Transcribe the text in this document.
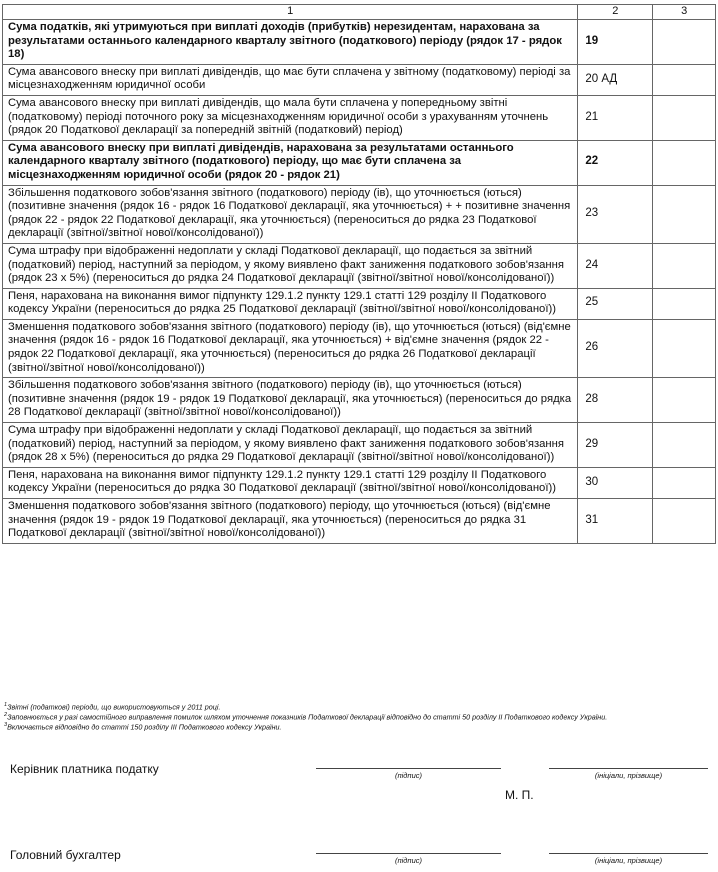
1	2	3
Сума податків, які утримуються при виплаті доходів (прибутків) нерезидентам, нарахована за результатами останнього календарного кварталу звітного (податкового) періоду (рядок 17 - рядок 18)	19	
Сума авансового внеску при виплаті дивідендів, що має бути сплачена у звітному (податковому) періоді за місцезнаходженням юридичної особи	20 АД	
Сума авансового внеску при виплаті дивідендів, що мала бути сплачена у попередньому звітні (податковому) періоді поточного року за місцезнаходженням юридичної особи з урахуванням уточнень (рядок 20 Податкової декларації за попередній звітній (податковий) період)	21	
Сума авансового внеску при виплаті дивідендів, нарахована за результатами останнього календарного кварталу звітного (податкового) періоду, що має бути сплачена за місцезнаходженням юридичної особи (рядок 20 - рядок 21)	22	
Збільшення податкового зобов'язання звітного (податкового) періоду (ів), що уточнюється (ються) (позитивне значення (рядок 16 - рядок 16 Податкової декларації, яка уточнюється) + + позитивне значення (рядок 22 - рядок 22 Податкової декларації, яка уточнюється) (переноситься до рядка 23 Податкової декларації (звітної/звітної нової/консолідованої))	23	
Сума штрафу при відображенні недоплати у складі Податкової декларації, що подається за звітний (податковий) період, наступний за періодом, у якому виявлено факт заниження податкового зобов'язання (рядок 23 х 5%) (переноситься до рядка 24 Податкової декларації (звітної/звітної нової/консолідованої))	24	
Пеня, нарахована на виконання вимог підпункту 129.1.2 пункту 129.1 статті 129 розділу ІІ Податкового кодексу України (переноситься до рядка 25 Податкової декларації (звітної/звітної нової/консолідованої))	25	
Зменшення податкового зобов'язання звітного (податкового) періоду (ів), що уточнюється (ються) (від'ємне значення (рядок 16 - рядок 16 Податкової декларації, яка уточнюється) + від'ємне значення (рядок 22 - рядок 22 Податкової декларації, яка уточнюється) (переноситься до рядка 26 Податкової декларації (звітної/звітної нової/консолідованої))	26	
Збільшення податкового зобов'язання звітного (податкового) періоду (ів), що уточнюється (ються) (позитивне значення (рядок 19 - рядок 19 Податкової декларації, яка уточнюється) (переноситься до рядка 28 Податкової декларації (звітної/звітної нової/консолідованої))	28	
Сума штрафу при відображенні недоплати у складі Податкової декларації, що подається за звітний (податковий) період, наступний за періодом, у якому виявлено факт заниження податкового зобов'язання (рядок 28 х 5%) (переноситься до рядка 29 Податкової декларації (звітної/звітної нової/консолідованої))	29	
Пеня, нарахована на виконання вимог підпункту 129.1.2 пункту 129.1 статті 129 розділу ІІ Податкового кодексу України (переноситься до рядка 30 Податкової декларації (звітної/звітної нової/консолідованої))	30	
Зменшення податкового зобов'язання звітного (податкового) періоду, що уточнюється (ються) (від'ємне значення (рядок 19 - рядок 19 Податкової декларації, яка уточнюється) (переноситься до рядка 31 Податкової декларації (звітної/звітної нової/консолідованої))	31	
$^1$Звітні (податкові) періоди, що використовуються у 2011 році.
$^2$Заповнюється у разі самостійного виправлення помилок шляхом уточнення показників Податкової декларації відповідно до статті 50 розділу ІІ Податкового кодексу України.
$^3$Включається відповідно до статті 150 розділу ІІІ Податкового кодексу України.
Керівник платника податку	(підпис)	(ініціали, прізвище)
М. П.
Головний бухгалтер	(підпис)	(ініціали, прізвище)
